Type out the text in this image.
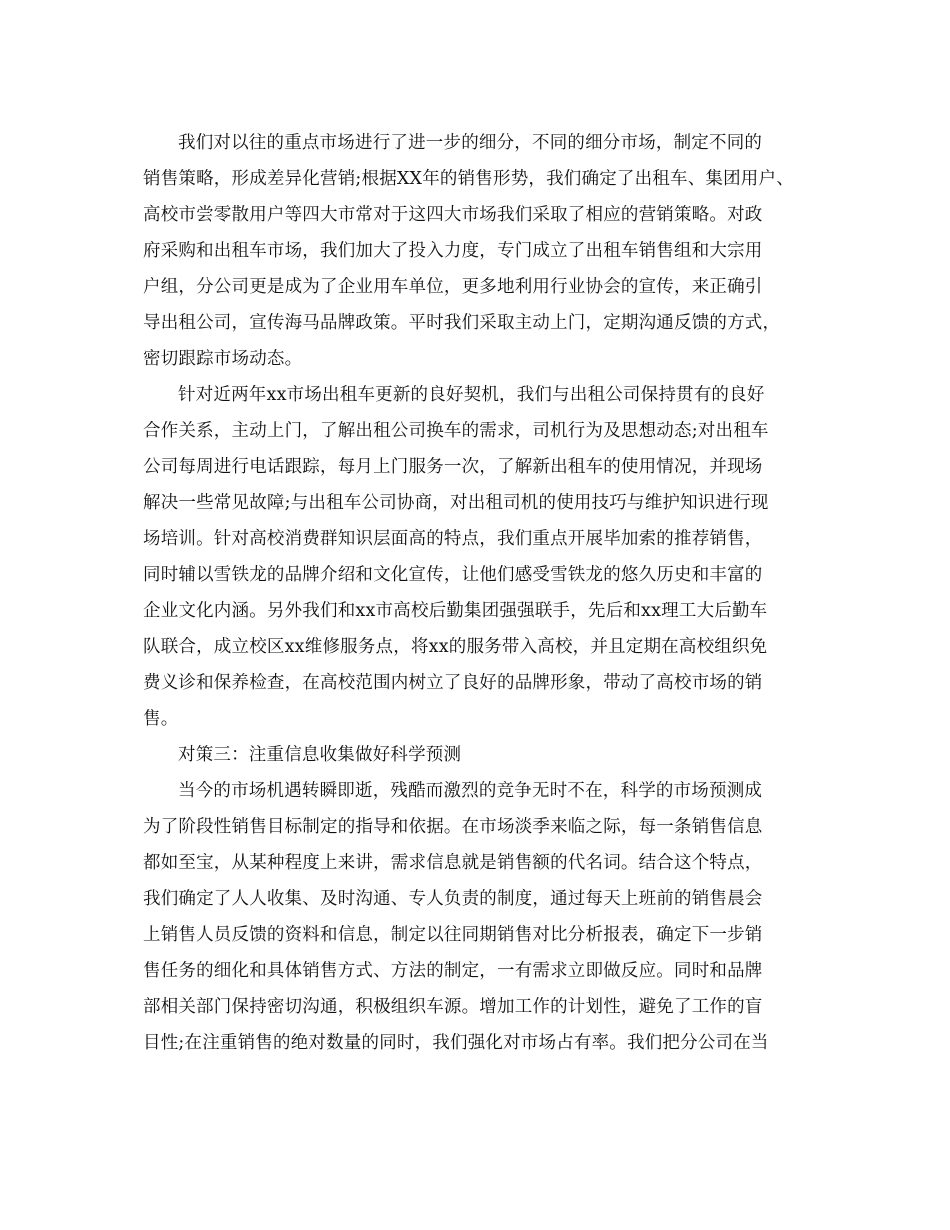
我们对以往的重点市场进行了进一步的细分，不同的细分市场，制定不同的
销售策略，形成差异化营销;根据XX年的销售形势，我们确定了出租车、集团用户、
高校市尝零散用户等四大市常对于这四大市场我们采取了相应的营销策略。对政
府采购和出租车市场，我们加大了投入力度，专门成立了出租车销售组和大宗用
户组，分公司更是成为了企业用车单位，更多地利用行业协会的宣传，来正确引
导出租公司，宣传海马品牌政策。平时我们采取主动上门，定期沟通反馈的方式，
密切跟踪市场动态。
针对近两年xx市场出租车更新的良好契机，我们与出租公司保持贯有的良好
合作关系，主动上门，了解出租公司换车的需求，司机行为及思想动态;对出租车
公司每周进行电话跟踪，每月上门服务一次，了解新出租车的使用情况，并现场
解决一些常见故障;与出租车公司协商，对出租司机的使用技巧与维护知识进行现
场培训。针对高校消费群知识层面高的特点，我们重点开展毕加索的推荐销售，
同时辅以雪铁龙的品牌介绍和文化宣传，让他们感受雪铁龙的悠久历史和丰富的
企业文化内涵。另外我们和xx市高校后勤集团强强联手，先后和xx理工大后勤车
队联合，成立校区xx维修服务点，将xx的服务带入高校，并且定期在高校组织免
费义诊和保养检查，在高校范围内树立了良好的品牌形象，带动了高校市场的销
售。
对策三：注重信息收集做好科学预测
当今的市场机遇转瞬即逝，残酷而激烈的竞争无时不在，科学的市场预测成
为了阶段性销售目标制定的指导和依据。在市场淡季来临之际，每一条销售信息
都如至宝，从某种程度上来讲，需求信息就是销售额的代名词。结合这个特点，
我们确定了人人收集、及时沟通、专人负责的制度，通过每天上班前的销售晨会
上销售人员反馈的资料和信息，制定以往同期销售对比分析报表，确定下一步销
售任务的细化和具体销售方式、方法的制定，一有需求立即做反应。同时和品牌
部相关部门保持密切沟通，积极组织车源。增加工作的计划性，避免了工作的盲
目性;在注重销售的绝对数量的同时，我们强化对市场占有率。我们把分公司在当
